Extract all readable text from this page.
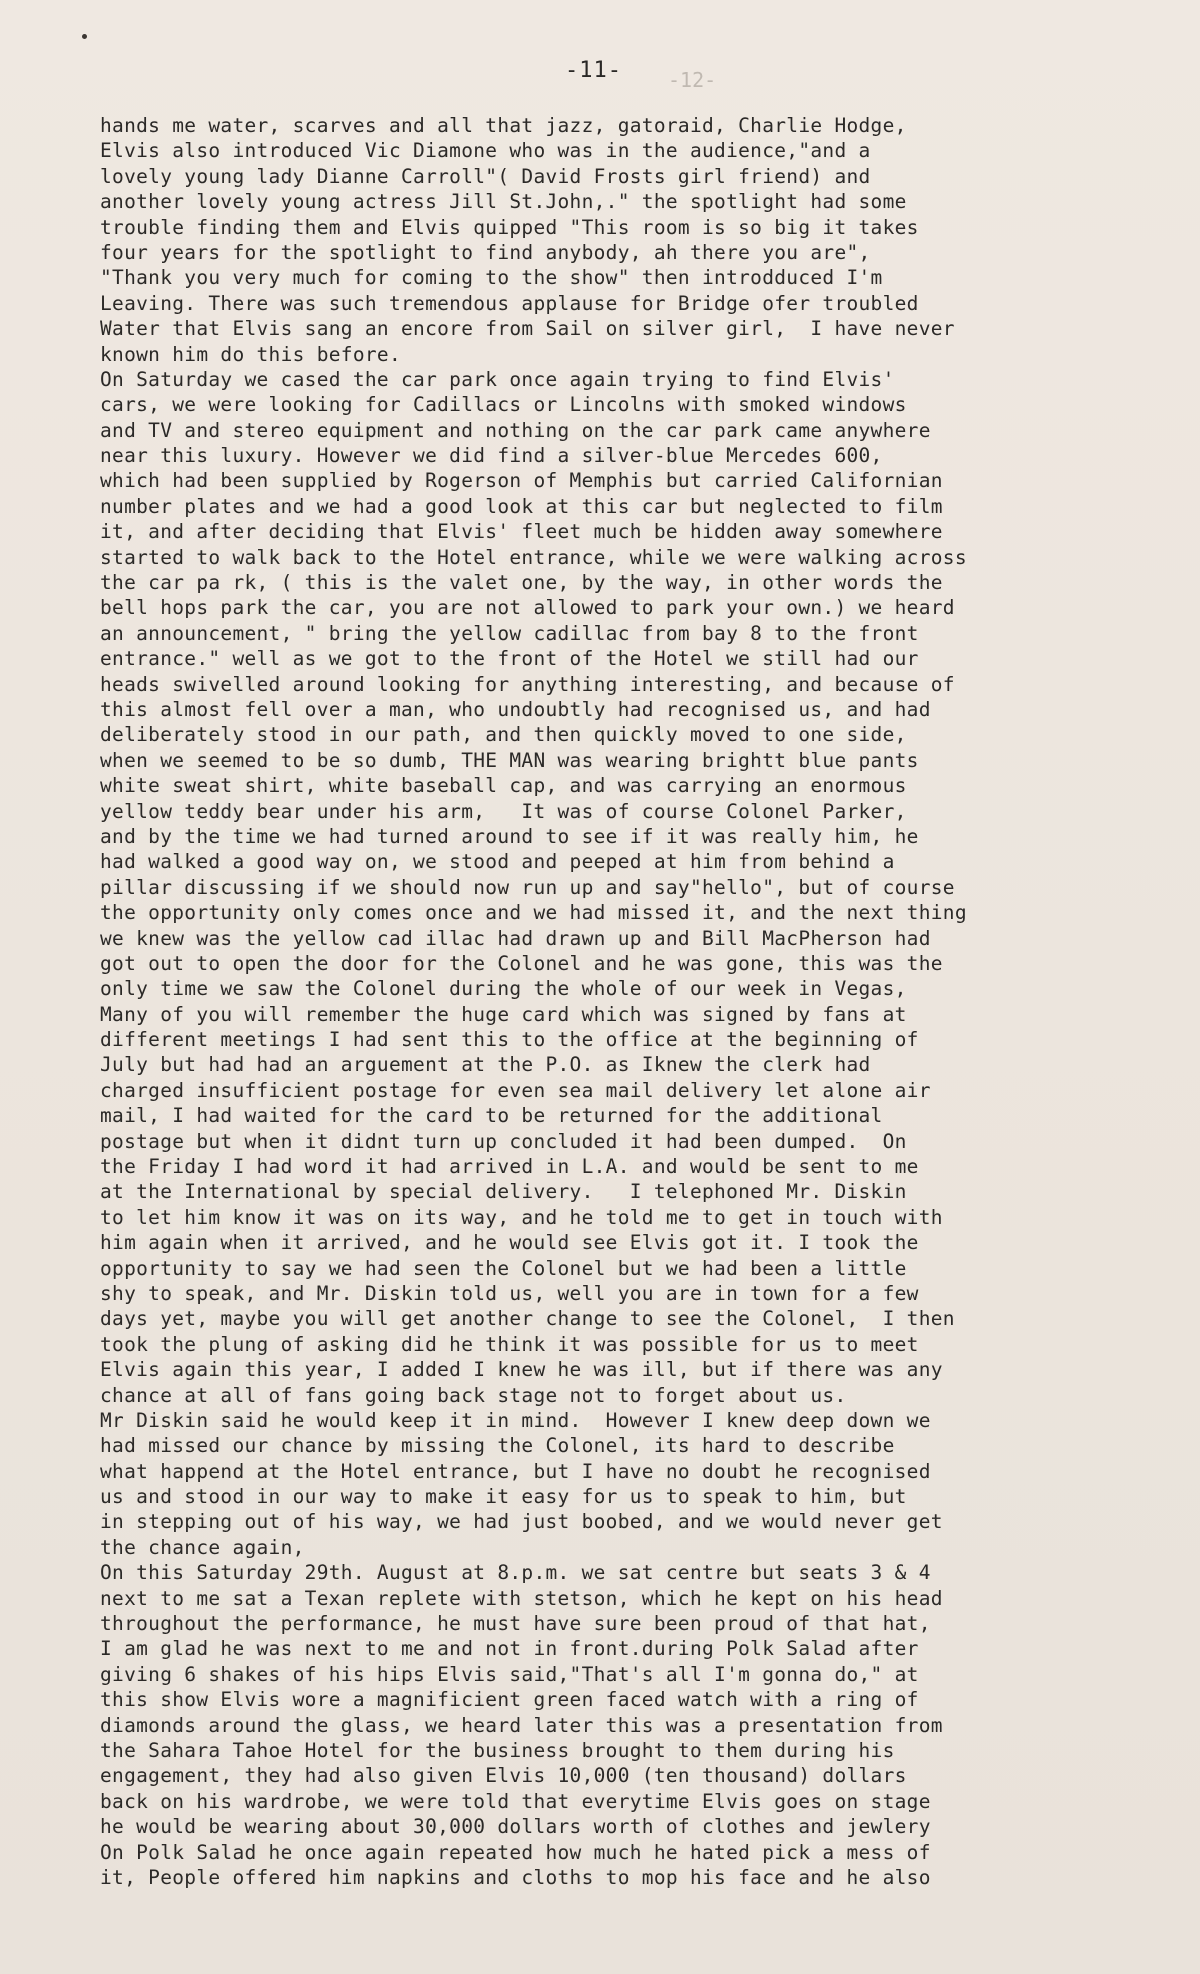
-11- -12-
hands me water, scarves and all that jazz, gatoraid, Charlie Hodge,
Elvis also introduced Vic Diamone who was in the audience,"and a
lovely young lady Dianne Carroll"( David Frosts girl friend) and
another lovely young actress Jill St.John,." the spotlight had some
trouble finding them and Elvis quipped "This room is so big it takes
four years for the spotlight to find anybody, ah there you are",
"Thank you very much for coming to the show" then introdduced I'm
Leaving. There was such tremendous applause for Bridge ofer troubled
Water that Elvis sang an encore from Sail on silver girl,  I have never
known him do this before.
On Saturday we cased the car park once again trying to find Elvis'
cars, we were looking for Cadillacs or Lincolns with smoked windows
and TV and stereo equipment and nothing on the car park came anywhere
near this luxury. However we did find a silver-blue Mercedes 600,
which had been supplied by Rogerson of Memphis but carried Californian
number plates and we had a good look at this car but neglected to film
it, and after deciding that Elvis' fleet much be hidden away somewhere
started to walk back to the Hotel entrance, while we were walking across
the car pa rk, ( this is the valet one, by the way, in other words the
bell hops park the car, you are not allowed to park your own.) we heard
an announcement, " bring the yellow cadillac from bay 8 to the front
entrance." well as we got to the front of the Hotel we still had our
heads swivelled around looking for anything interesting, and because of
this almost fell over a man, who undoubtly had recognised us, and had
deliberately stood in our path, and then quickly moved to one side,
when we seemed to be so dumb, THE MAN was wearing brightt blue pants
white sweat shirt, white baseball cap, and was carrying an enormous
yellow teddy bear under his arm,   It was of course Colonel Parker,
and by the time we had turned around to see if it was really him, he
had walked a good way on, we stood and peeped at him from behind a
pillar discussing if we should now run up and say"hello", but of course
the opportunity only comes once and we had missed it, and the next thing
we knew was the yellow cad illac had drawn up and Bill MacPherson had
got out to open the door for the Colonel and he was gone, this was the
only time we saw the Colonel during the whole of our week in Vegas,
Many of you will remember the huge card which was signed by fans at
different meetings I had sent this to the office at the beginning of
July but had had an arguement at the P.O. as Iknew the clerk had
charged insufficient postage for even sea mail delivery let alone air
mail, I had waited for the card to be returned for the additional
postage but when it didnt turn up concluded it had been dumped.  On
the Friday I had word it had arrived in L.A. and would be sent to me
at the International by special delivery.   I telephoned Mr. Diskin
to let him know it was on its way, and he told me to get in touch with
him again when it arrived, and he would see Elvis got it. I took the
opportunity to say we had seen the Colonel but we had been a little
shy to speak, and Mr. Diskin told us, well you are in town for a few
days yet, maybe you will get another change to see the Colonel,  I then
took the plung of asking did he think it was possible for us to meet
Elvis again this year, I added I knew he was ill, but if there was any
chance at all of fans going back stage not to forget about us.
Mr Diskin said he would keep it in mind.  However I knew deep down we
had missed our chance by missing the Colonel, its hard to describe
what happend at the Hotel entrance, but I have no doubt he recognised
us and stood in our way to make it easy for us to speak to him, but
in stepping out of his way, we had just boobed, and we would never get
the chance again,
On this Saturday 29th. August at 8.p.m. we sat centre but seats 3 & 4
next to me sat a Texan replete with stetson, which he kept on his head
throughout the performance, he must have sure been proud of that hat,
I am glad he was next to me and not in front.during Polk Salad after
giving 6 shakes of his hips Elvis said,"That's all I'm gonna do," at
this show Elvis wore a magnificient green faced watch with a ring of
diamonds around the glass, we heard later this was a presentation from
the Sahara Tahoe Hotel for the business brought to them during his
engagement, they had also given Elvis 10,000 (ten thousand) dollars
back on his wardrobe, we were told that everytime Elvis goes on stage
he would be wearing about 30,000 dollars worth of clothes and jewlery
On Polk Salad he once again repeated how much he hated pick a mess of
it, People offered him napkins and cloths to mop his face and he also
